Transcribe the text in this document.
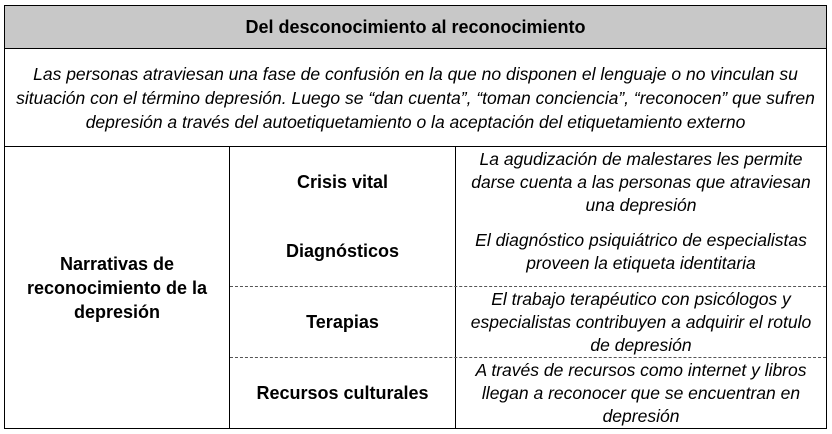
Del desconocimiento al reconocimiento
Las personas atraviesan una fase de confusión en la que no disponen el lenguaje o no vinculan su situación con el término depresión. Luego se “dan cuenta”, “toman conciencia”, “reconocen” que sufren depresión a través del autoetiquetamiento o la aceptación del etiquetamiento externo
Narrativas de reconocimiento de la depresión
Crisis vital
La agudización de malestares les permite darse cuenta a las personas que atraviesan una depresión
Diagnósticos
El diagnóstico psiquiátrico de especialistas proveen la etiqueta identitaria
Terapias
El trabajo terapéutico con psicólogos y especialistas contribuyen a adquirir el rotulo de depresión
Recursos culturales
A través de recursos como internet y libros llegan a reconocer que se encuentran en depresión
